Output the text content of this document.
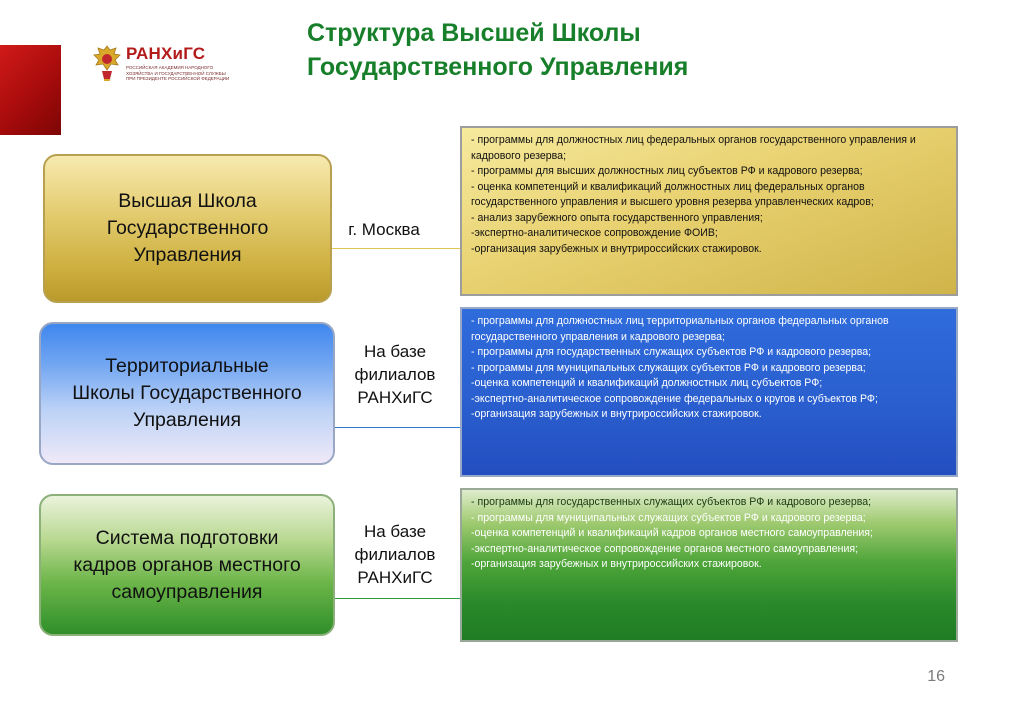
РАНХиГС
РОССИЙСКАЯ АКАДЕМИЯ НАРОДНОГО ХОЗЯЙСТВА И ГОСУДАРСТВЕННОЙ СЛУЖБЫ ПРИ ПРЕЗИДЕНТЕ РОССИЙСКОЙ ФЕДЕРАЦИИ
Структура Высшей Школы
Государственного Управления
Высшая Школа Государственного Управления
г. Москва
- программы для должностных лиц федеральных органов государственного управления и кадрового резерва;
- программы для высших должностных лиц субъектов РФ и кадрового резерва;
- оценка компетенций и квалификаций должностных лиц федеральных органов государственного управления и высшего уровня резерва управленческих кадров;
- анализ зарубежного опыта государственного управления;
-экспертно-аналитическое сопровождение ФОИВ;
-организация зарубежных и внутрироссийских стажировок.
Территориальные Школы Государственного Управления
На базе филиалов РАНХиГС
- программы для должностных лиц территориальных органов федеральных органов государственного управления и кадрового резерва;
- программы для государственных служащих субъектов РФ и кадрового резерва;
- программы для муниципальных служащих субъектов РФ и кадрового резерва;
-оценка компетенций и квалификаций должностных лиц субъектов РФ;
-экспертно-аналитическое сопровождение федеральных о кругов и субъектов РФ;
-организация зарубежных и внутрироссийских стажировок.
Система подготовки кадров органов местного самоуправления
На базе филиалов РАНХиГС
- программы для государственных служащих субъектов РФ и кадрового резерва;
- программы для муниципальных служащих субъектов РФ и кадрового резерва;
-оценка компетенций и квалификаций кадров органов местного самоуправления;
-экспертно-аналитическое сопровождение органов местного самоуправления;
-организация зарубежных и внутрироссийских стажировок.
16
